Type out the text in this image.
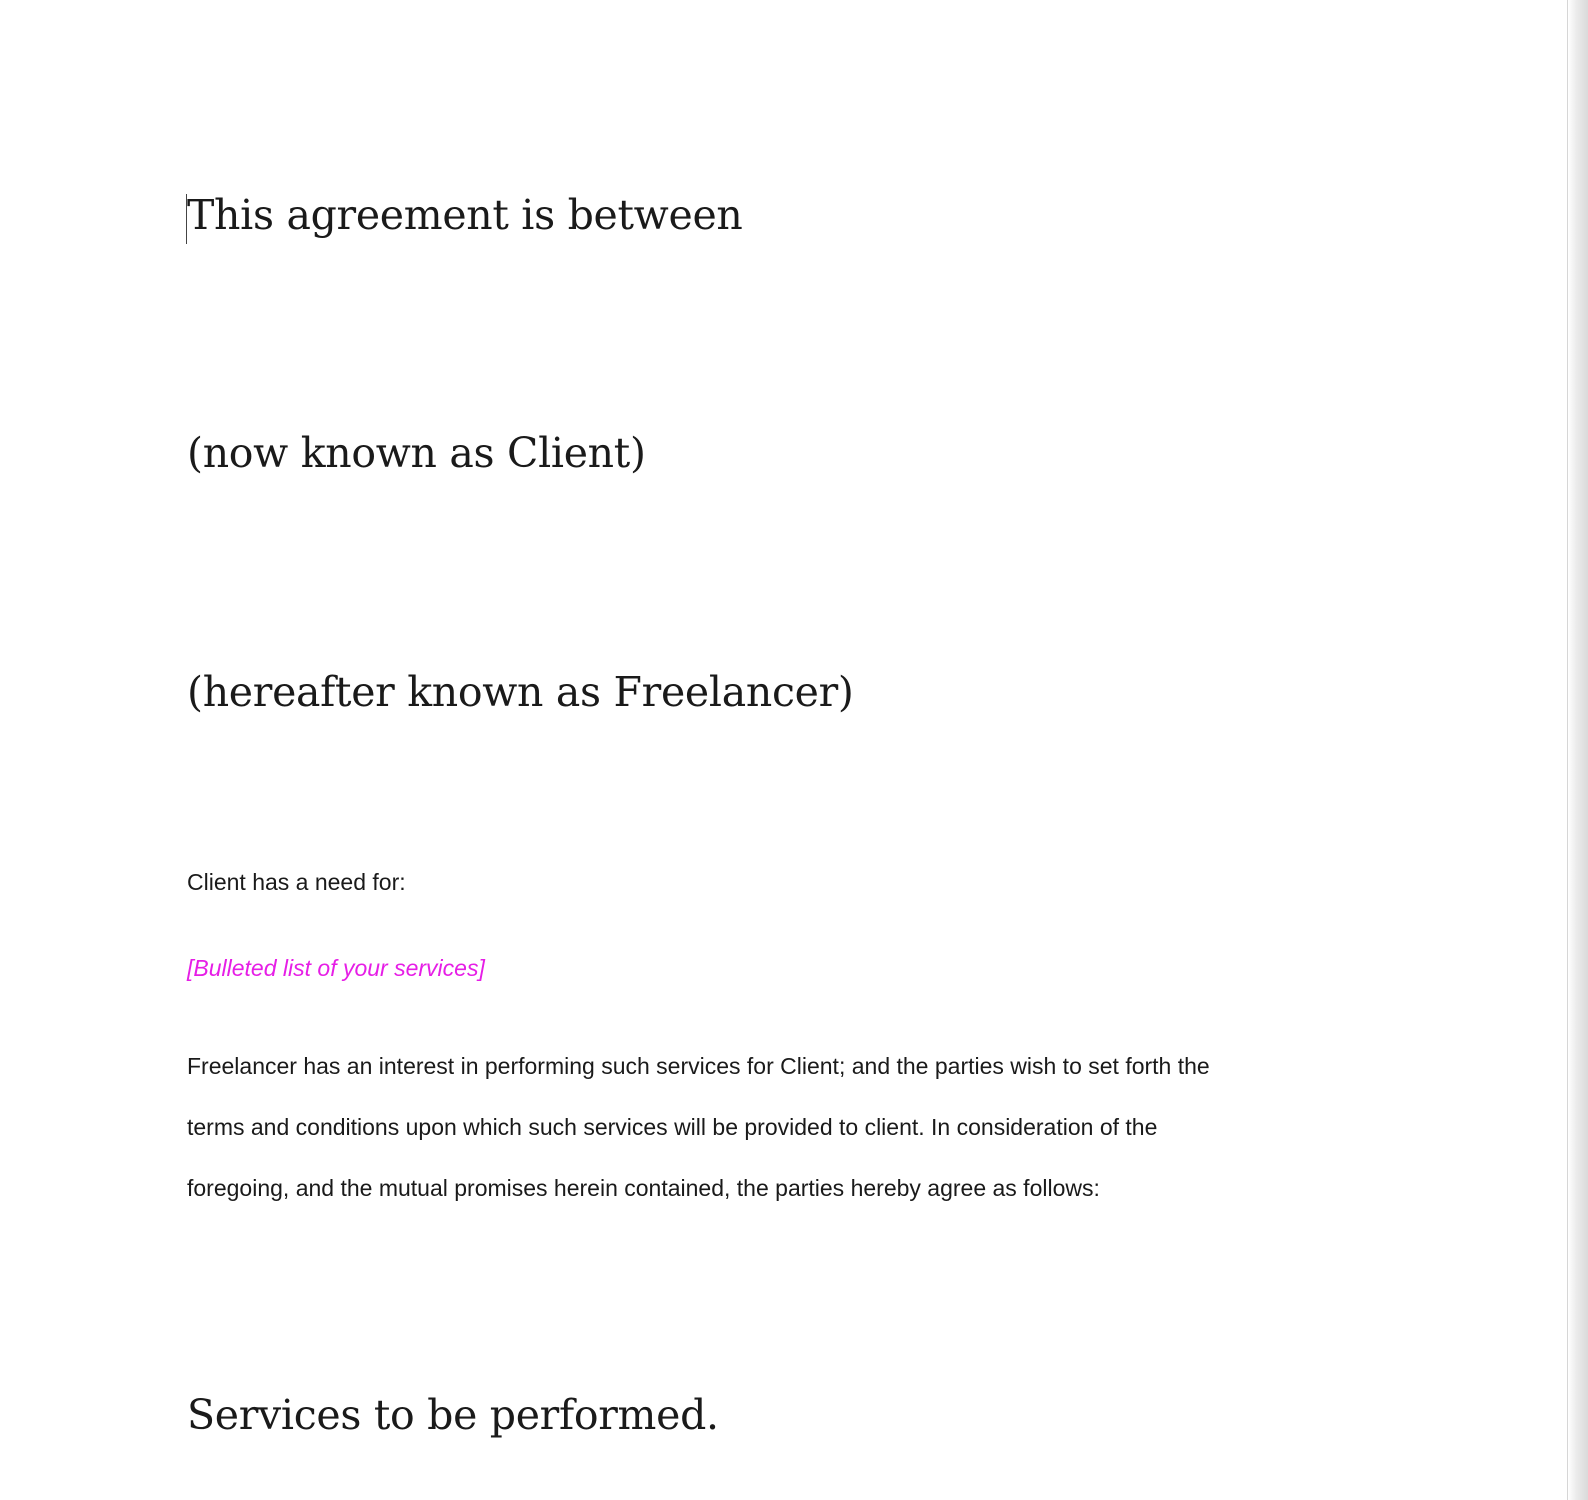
This agreement is between
(now known as Client)
(hereafter known as Freelancer)
Client has a need for:
[Bulleted list of your services]
Freelancer has an interest in performing such services for Client; and the parties wish to set forth the
terms and conditions upon which such services will be provided to client. In consideration of the
foregoing, and the mutual promises herein contained, the parties hereby agree as follows:
Services to be performed.
